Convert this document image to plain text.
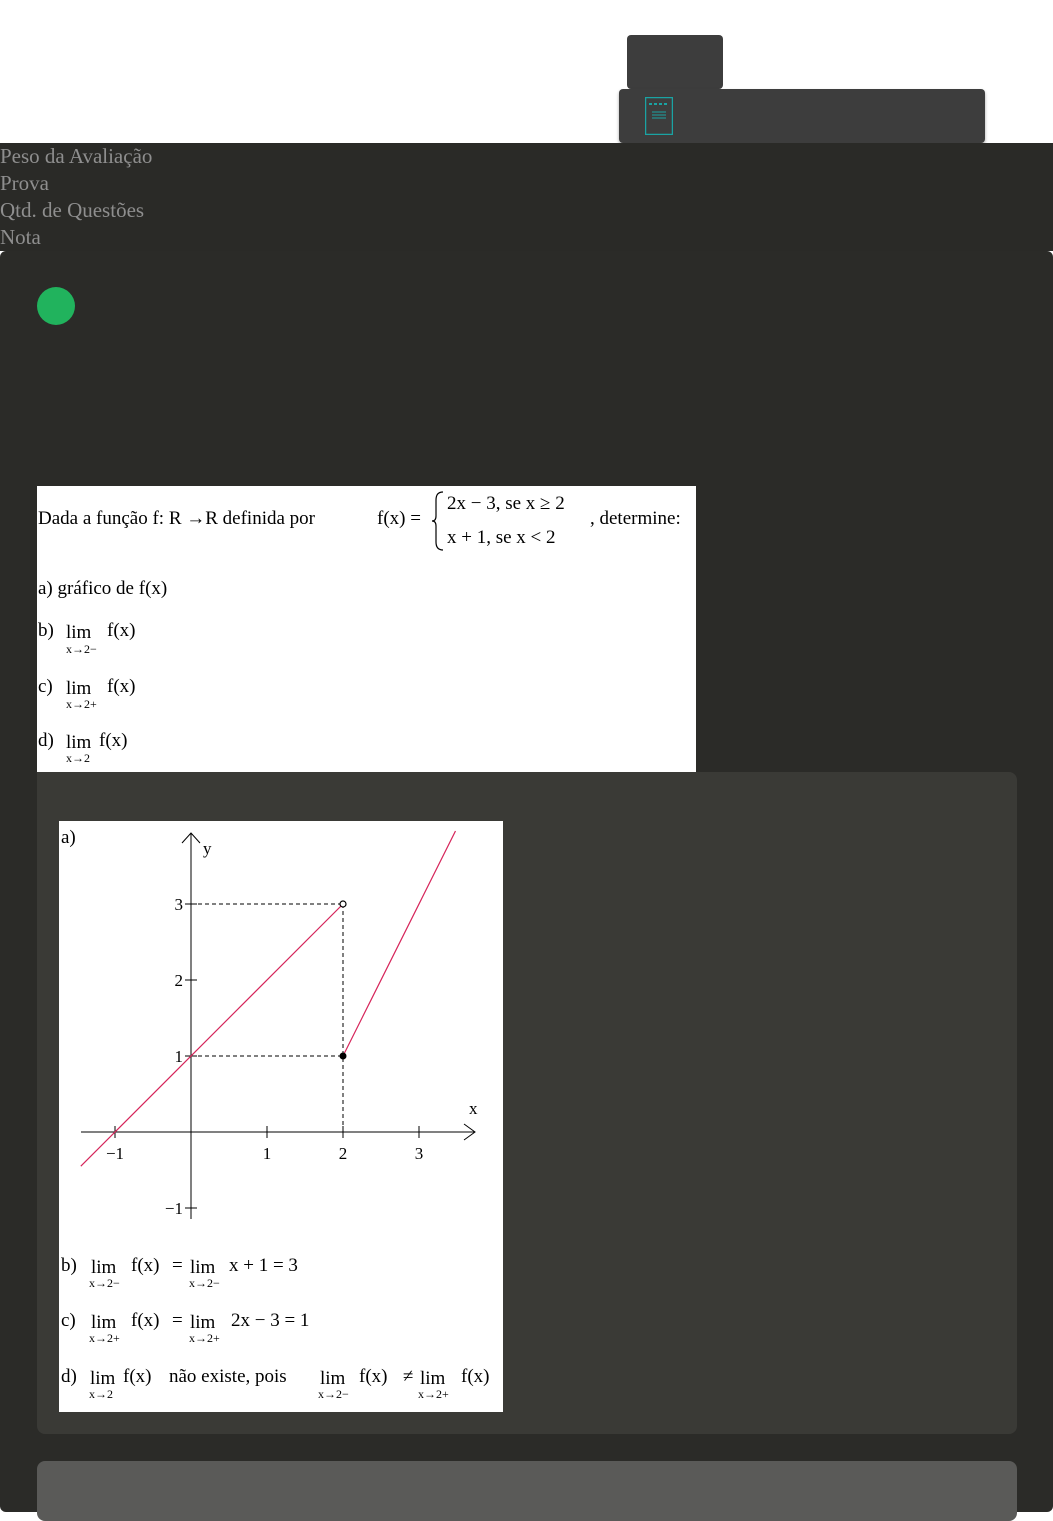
Peso da Avaliação
Prova
Qtd. de Questões
Nota
Dada a função f: R →R definida por	f(x) =
2x − 3, se x ≥ 2
x + 1, se x < 2
, determine:
a) gráfico de f(x)
b) lim
x→2−
f(x)
c) lim
x→2+
f(x)
d) lim
x→2
f(x)
a)
−1	1	2	3
−1
1
2
3
x
y
b) lim
x→2−
f(x) = lim
x→2−
x + 1 = 3
c) lim
x→2+
f(x) = lim
x→2+
2x − 3 = 1
d) lim
x→2
f(x) não existe, pois lim
x→2−
f(x) ≠ lim
x→2+
f(x)
